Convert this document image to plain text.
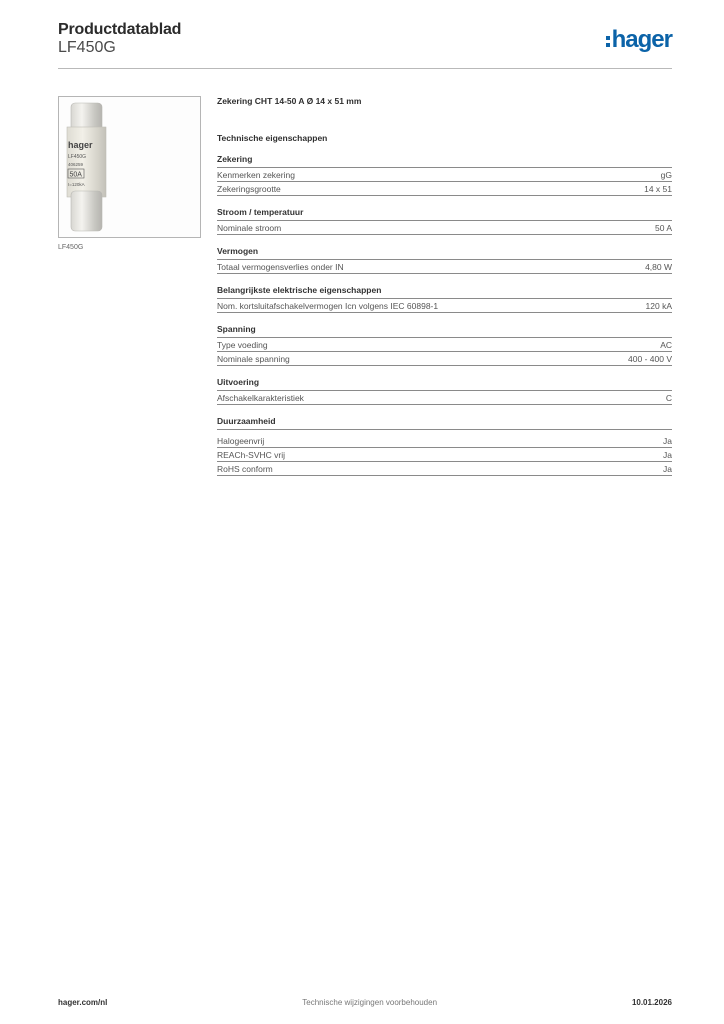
Productdatablad
LF450G	hager
hager
LF450G
406259
50A
I=120kA
LF450G
Zekering CHT 14-50 A Ø 14 x 51 mm
Technische eigenschappen
Zekering
Kenmerken zekering	gG
Zekeringsgrootte	14 x 51
Stroom / temperatuur
Nominale stroom	50 A
Vermogen
Totaal vermogensverlies onder IN	4,80 W
Belangrijkste elektrische eigenschappen
Nom. kortsluitafschakelvermogen Icn volgens IEC 60898-1	120 kA
Spanning
Type voeding	AC
Nominale spanning	400 - 400 V
Uitvoering
Afschakelkarakteristiek	C
Duurzaamheid
Halogeenvrij	Ja
REACh-SVHC vrij	Ja
RoHS conform	Ja
hager.com/nl	Technische wijzigingen voorbehouden	10.01.2026
